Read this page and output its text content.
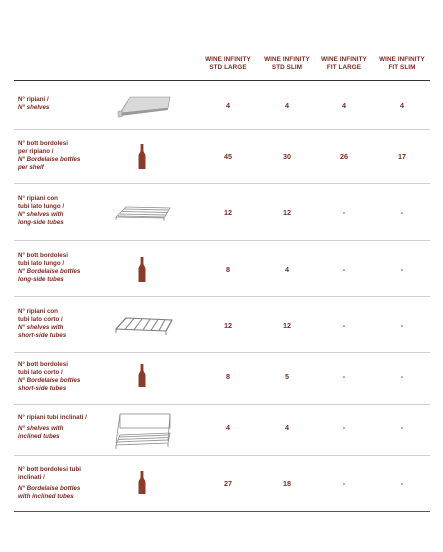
WINE INFINITY
STD LARGE
WINE INFINITY
STD SLIM
WINE INFINITY
FIT LARGE
WINE INFINITY
FIT SLIM
N° ripiani /
N° shelves	4	4	4	4
N° bott bordolesi
per ripiano /
N° Bordelaise bottles
per shelf
45	30	26	17
N° ripiani con
tubi lato lungo /
N° shelves with
long-side tubes
12	12	-	-
N° bott bordolesi
tubi lato lungo /
N° Bordelaise bottles
long-side tubes
8	4	-	-
N° ripiani con
tubi lato corto /
N° shelves with
short-side tubes
12	12	-	-
N° bott bordolesi
tubi lato corto /
N° Bordelaise bottles
short-side tubes
8	5	-	-
N° ripiani tubi inclinati /
N° shelves with
inclined tubes
4	4	-	-
N° bott bordolesi tubi
inclinati /
N° Bordelaise bottles
with inclined tubes
27	18	-	-
